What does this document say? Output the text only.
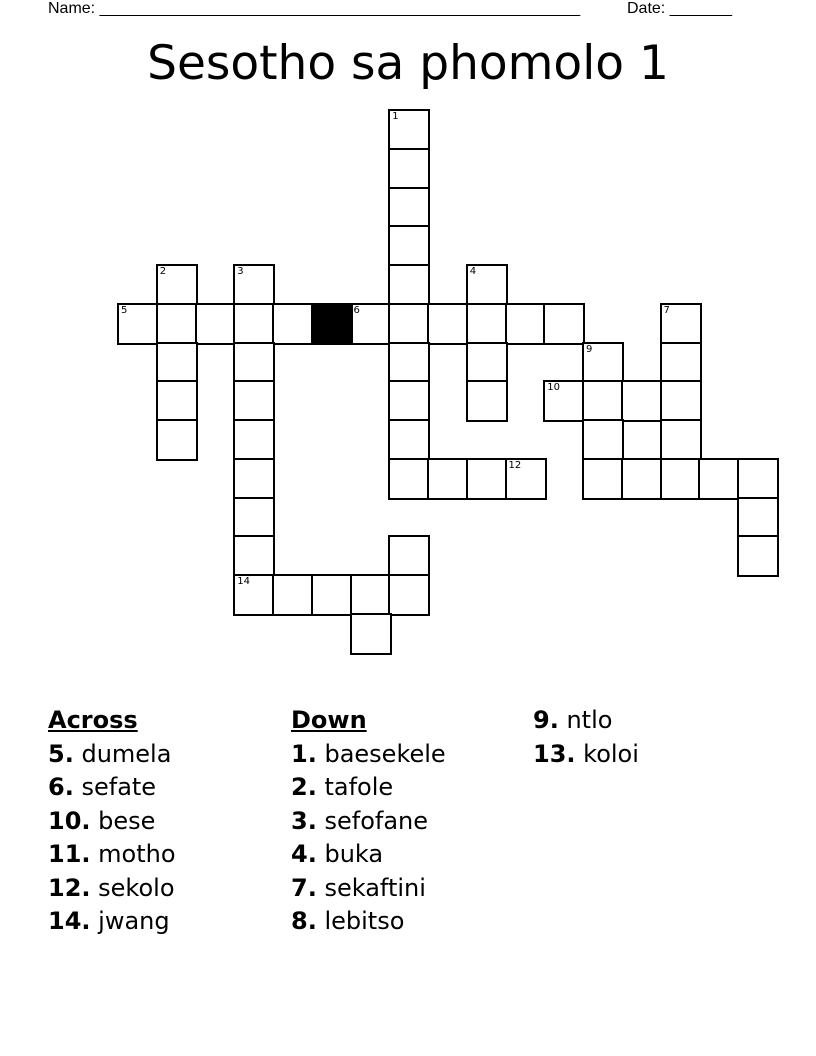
Name: ______________________________________________________	Date: _______
Sesotho sa phomolo 1
1
2	3	4
5	6	7
9
10
12
14
Across
5. dumela
6. sefate
10. bese
11. motho
12. sekolo
14. jwang
Down
1. baesekele
2. tafole
3. sefofane
4. buka
7. sekaftini
8. lebitso
9. ntlo
13. koloi
